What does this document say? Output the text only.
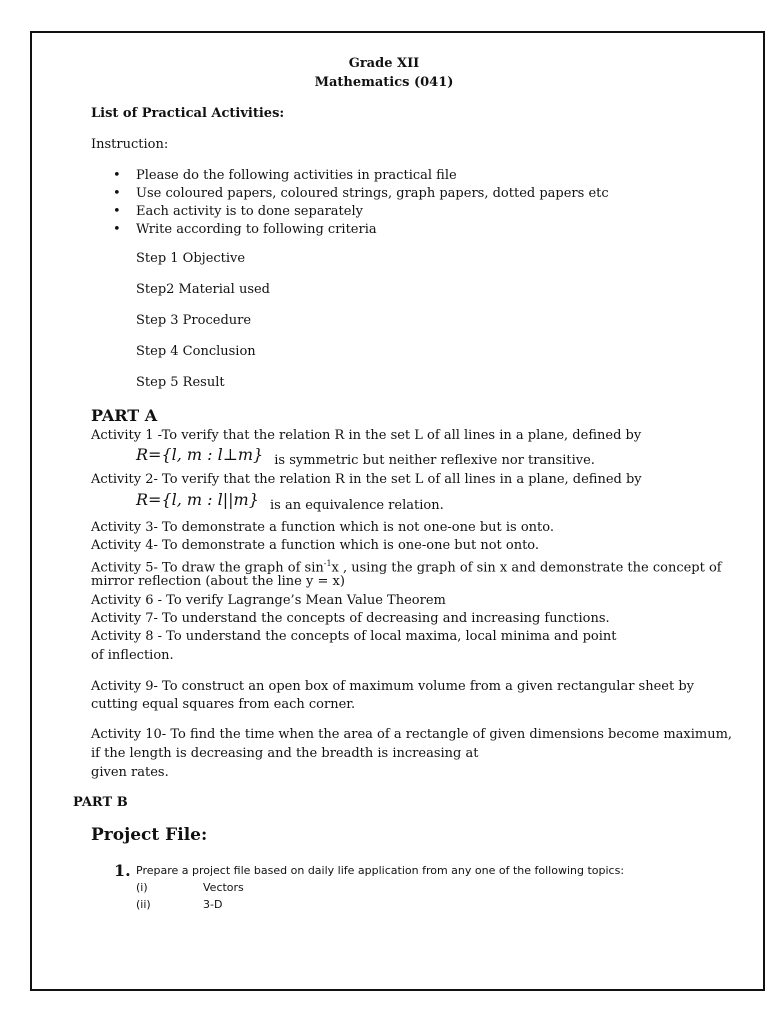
Grade XII
Mathematics (041)
List of Practical Activities:
Instruction:
• Please do the following activities in practical file
• Use coloured papers, coloured strings, graph papers, dotted papers etc
• Each activity is to done separately
• Write according to following criteria
Step 1 Objective
Step2 Material used
Step 3 Procedure
Step 4 Conclusion
Step 5 Result
PART A
Activity 1 -To verify that the relation R in the set L of all lines in a plane, defined by
R={l, m : l⊥m} $_{is symmetric but neither reflexive nor transitive.}$
Activity 2- To verify that the relation R in the set L of all lines in a plane, defined by
R={l, m : l||m} $_{is an equivalence relation.}$
Activity 3- To demonstrate a function which is not one-one but is onto.
Activity 4- To demonstrate a function which is one-one but not onto.
Activity 5- To draw the graph of $\sin^{-1}x$ , using the graph of sin x and demonstrate the concept of
mirror reflection (about the line y = x)
Activity 6 - To verify Lagrange’s Mean Value Theorem
Activity 7- To understand the concepts of decreasing and increasing functions.
Activity 8 - To understand the concepts of local maxima, local minima and point
of inflection.
Activity 9- To construct an open box of maximum volume from a given rectangular sheet by
cutting equal squares from each corner.
Activity 10- To find the time when the area of a rectangle of given dimensions become maximum,
if the length is decreasing and the breadth is increasing at
given rates.
PART B
Project File:
1. Prepare a project file based on daily life application from any one of the following topics:
(i)	Vectors
(ii)	3-D
